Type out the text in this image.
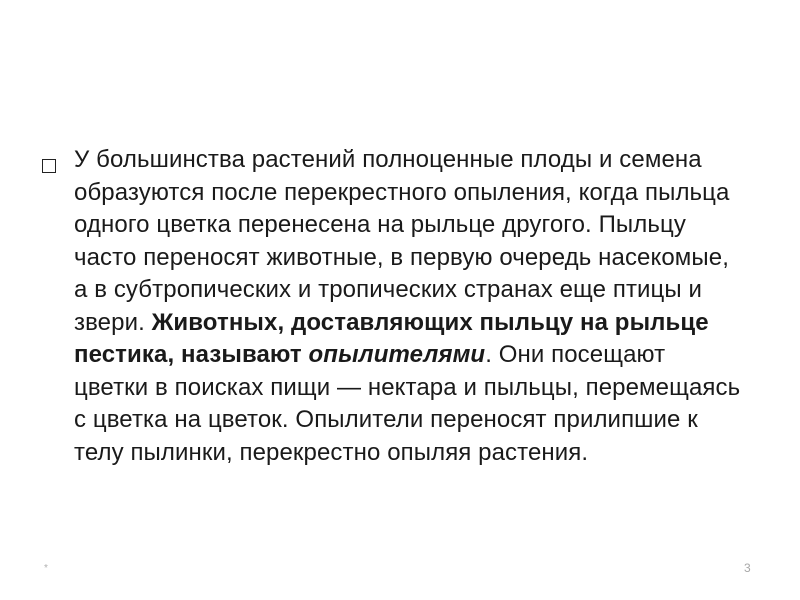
У большинства растений полноценные плоды и семена образуются после перекрестного опыления, когда пыльца одного цветка перенесена на рыльце другого. Пыльцу часто переносят животные, в первую очередь насекомые, а в субтропических и тропических странах еще птицы и звери. Животных, доставляющих пыльцу на рыльце пестика, называют опылителями. Они посещают цветки в поисках пищи — нектара и пыльцы, перемещаясь с цветка на цветок. Опылители переносят прилипшие к телу пылинки, перекрестно опыляя растения.

*	3
